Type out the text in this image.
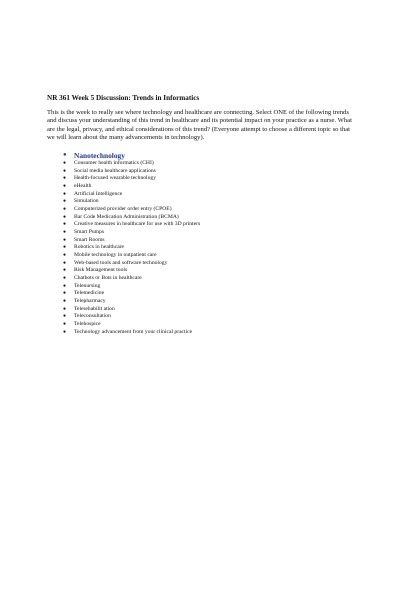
NR 361 Week 5 Discussion: Trends in Informatics

This is the week to really see where technology and healthcare are connecting. Select ONE of the following trends and discuss your understanding of this trend in healthcare and its potential impact on your practice as a nurse. What are the legal, privacy, and ethical considerations of this trend? (Everyone attempt to choose a different topic so that we will learn about the many advancements in technology).

● Nanotechnology
● Consumer health informatics (CHI)
● Social media healthcare applications
● Health-focused wearable technology
● eHealth
● Artificial Intelligence
● Simulation
● Computerized provider order entry (CPOE)
● Bar Code Medication Administration (BCMA)
● Creative measures in healthcare for use with 3D printers
● Smart Pumps
● Smart Rooms
● Robotics in healthcare
● Mobile technology in outpatient care
● Web-based tools and software technology
● Risk Management tools
● Chatbots or Bots in healthcare
● Telenursing
● Telemedicine
● Telepharmacy
● Telerehabilit ation
● Teleconsultation
● Telehospice
● Technology advancement from your clinical practice
